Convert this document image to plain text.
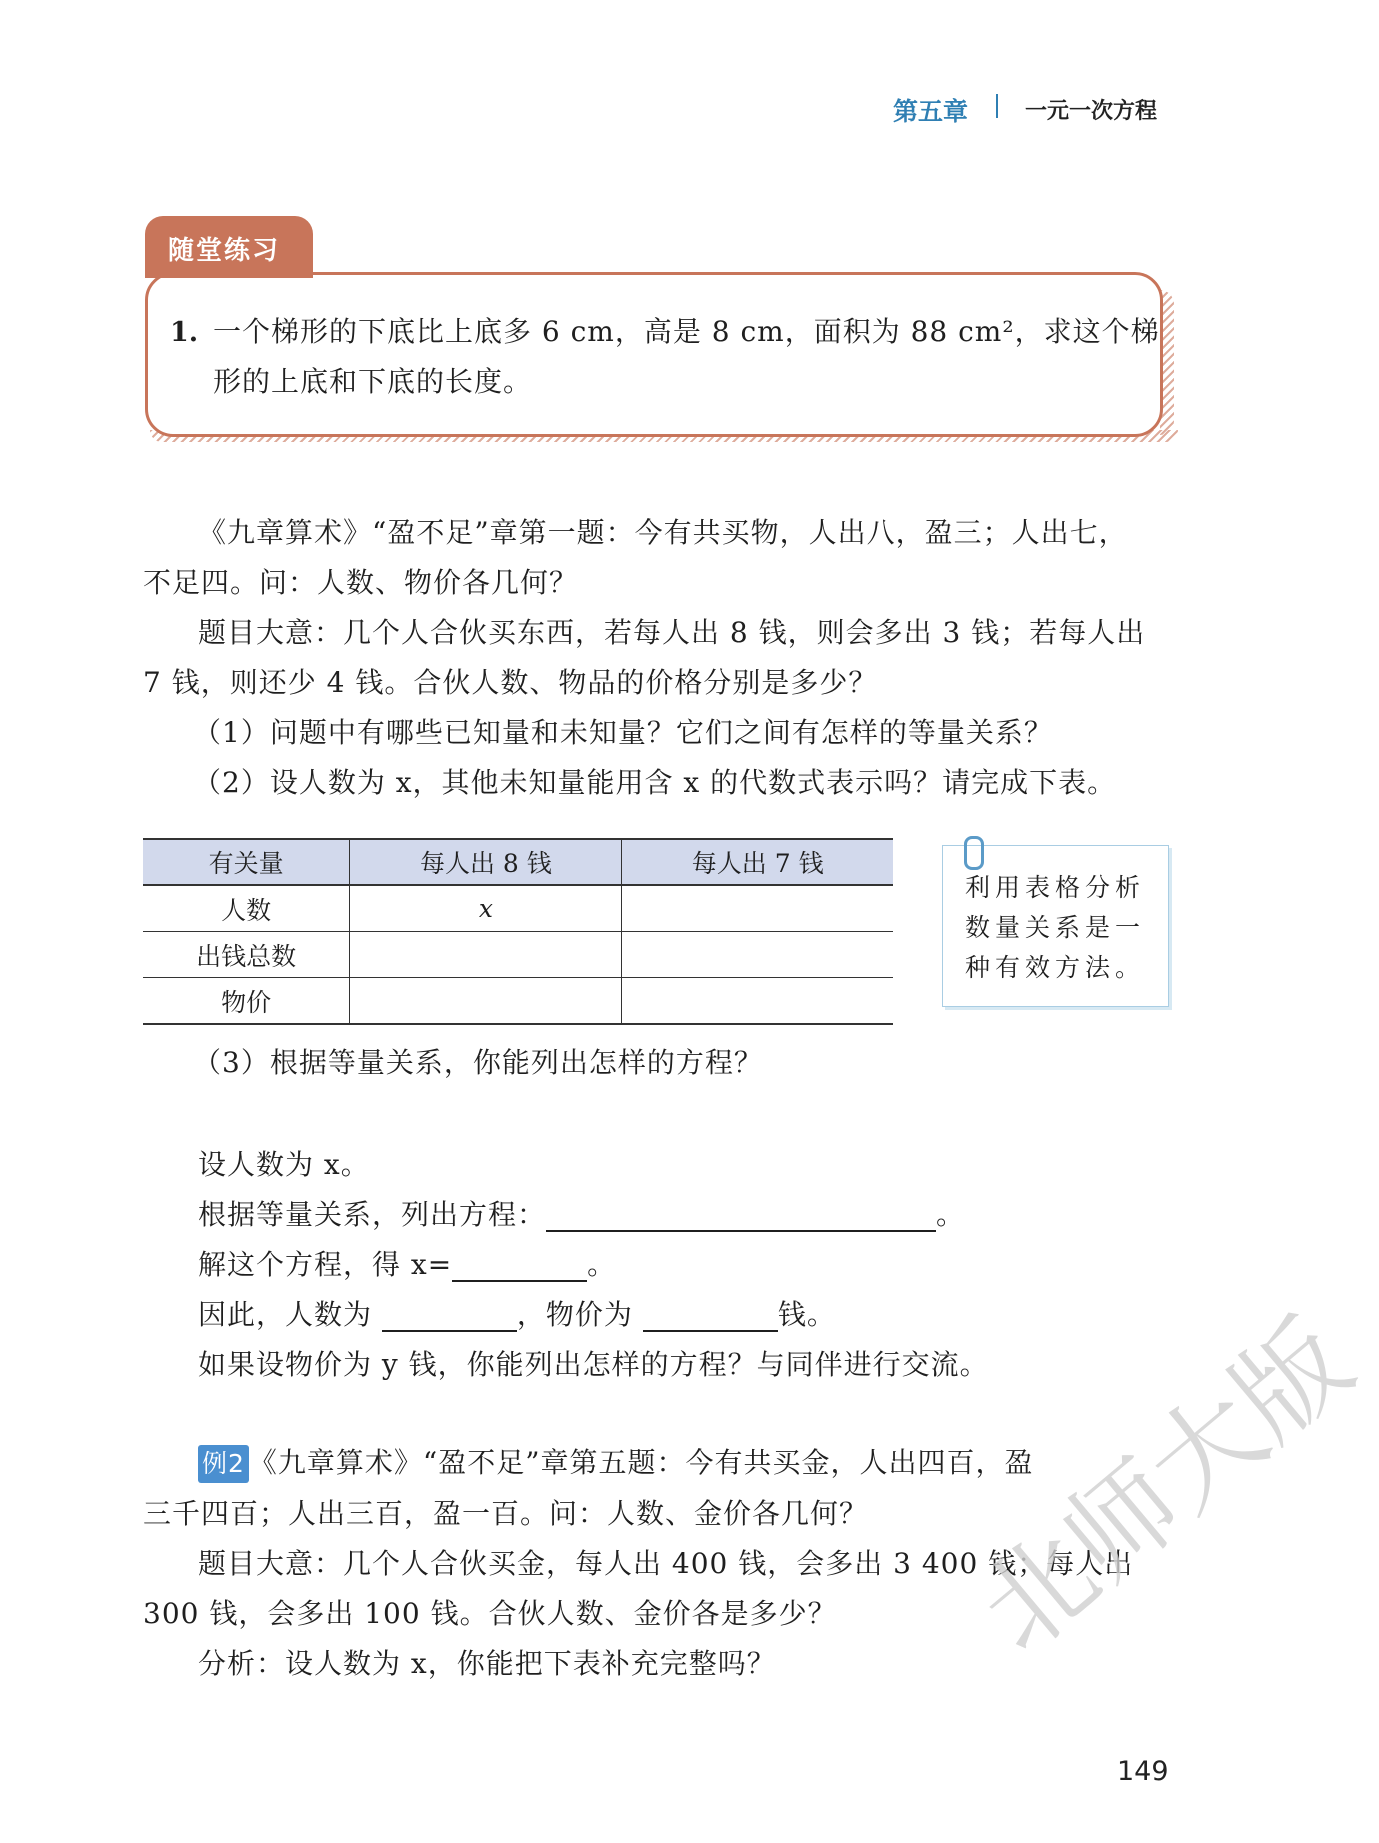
第五章	一元一次方程
随堂练习
1. 一个梯形的下底比上底多 6 cm，高是 8 cm，面积为 88 cm²，求这个梯
形的上底和下底的长度。
《九章算术》“盈不足”章第一题：今有共买物，人出八，盈三；人出七，
不足四。问：人数、物价各几何？
题目大意：几个人合伙买东西，若每人出 8 钱，则会多出 3 钱；若每人出
7 钱，则还少 4 钱。合伙人数、物品的价格分别是多少？
（1）问题中有哪些已知量和未知量？它们之间有怎样的等量关系？
（2）设人数为 x，其他未知量能用含 x 的代数式表示吗？请完成下表。
有关量	每人出 8 钱	每人出 7 钱
人数	x	
出钱总数		
物价		
利用表格分析
数量关系是一
种有效方法。
（3）根据等量关系，你能列出怎样的方程？
设人数为 x。
根据等量关系，列出方程：	。
解这个方程，得 x=	。
因此，人数为	，物价为	钱。
如果设物价为 y 钱，你能列出怎样的方程？与同伴进行交流。
例2 《九章算术》“盈不足”章第五题：今有共买金，人出四百，盈
三千四百；人出三百，盈一百。问：人数、金价各几何？
题目大意：几个人合伙买金，每人出 400 钱，会多出 3 400 钱；每人出
300 钱，会多出 100 钱。合伙人数、金价各是多少？
分析：设人数为 x，你能把下表补充完整吗？ 北师大版
149
